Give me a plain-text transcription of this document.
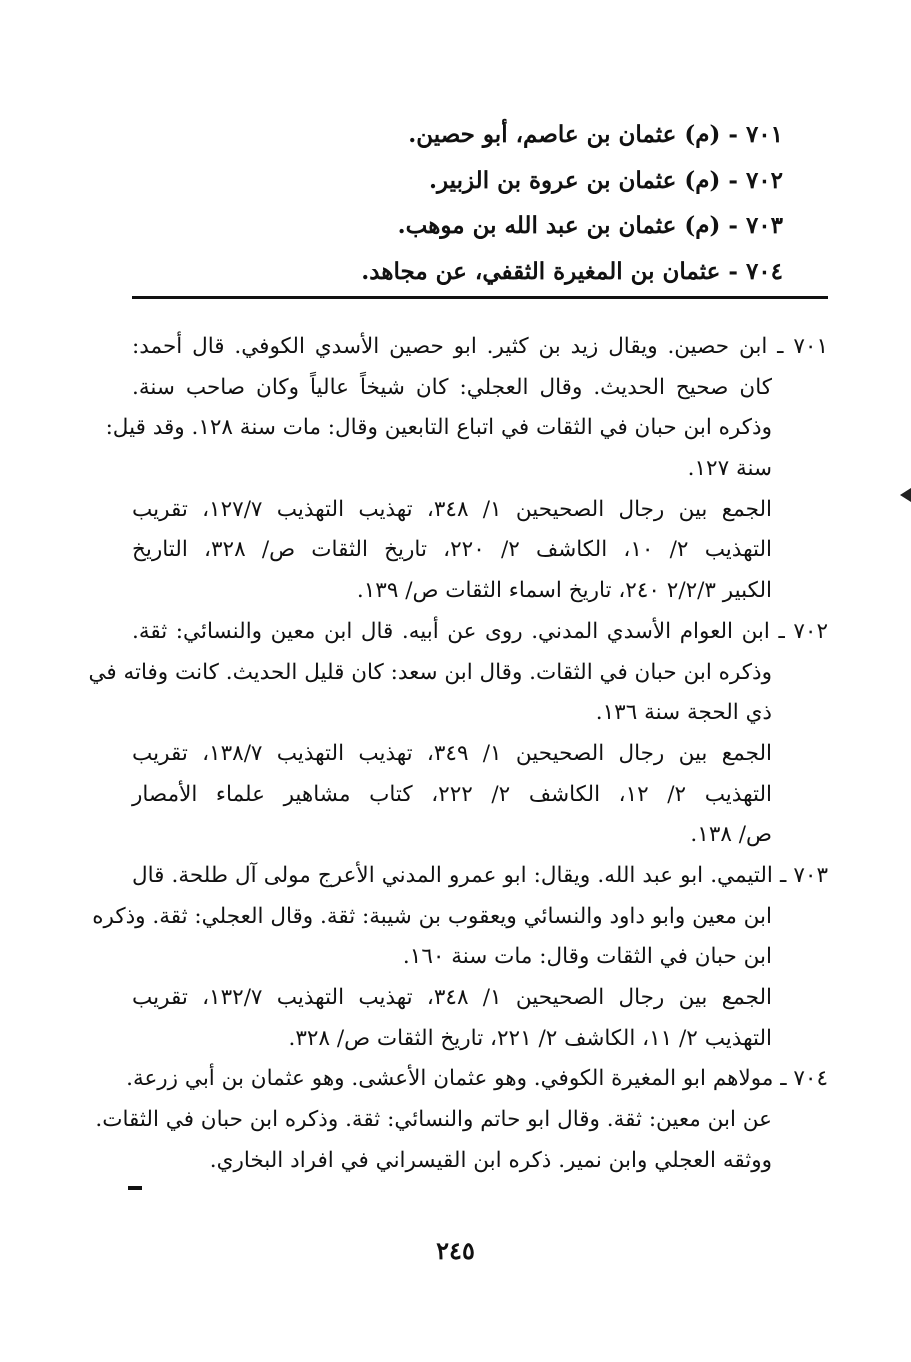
٧٠١ - (م) عثمان بن عاصم، أبو حصين.
٧٠٢ - (م) عثمان بن عروة بن الزبير.
٧٠٣ - (م) عثمان بن عبد الله بن موهب.
٧٠٤ - عثمان بن المغيرة الثقفي، عن مجاهد.
٧٠١ ـ ابن حصين. ويقال زيد بن كثير. ابو حصين الأسدي الكوفي. قال أحمد:
كان صحيح الحديث. وقال العجلي: كان شيخاً عالياً وكان صاحب سنة.
وذكره ابن حبان في الثقات في اتباع التابعين وقال: مات سنة ١٢٨. وقد قيل:
سنة ١٢٧.
الجمع بين رجال الصحيحين ١/ ٣٤٨، تهذيب التهذيب ١٢٧/٧، تقريب
التهذيب ٢/ ١٠، الكاشف ٢/ ٢٢٠، تاريخ الثقات ص/ ٣٢٨، التاريخ
الكبير ٢/٢/٣ ٢٤٠، تاريخ اسماء الثقات ص/ ١٣٩.
٧٠٢ ـ ابن العوام الأسدي المدني. روى عن أبيه. قال ابن معين والنسائي: ثقة.
وذكره ابن حبان في الثقات. وقال ابن سعد: كان قليل الحديث. كانت وفاته في
ذي الحجة سنة ١٣٦.
الجمع بين رجال الصحيحين ١/ ٣٤٩، تهذيب التهذيب ١٣٨/٧، تقريب
التهذيب ٢/ ١٢، الكاشف ٢/ ٢٢٢، كتاب مشاهير علماء الأمصار
ص/ ١٣٨.
٧٠٣ ـ التيمي. ابو عبد الله. ويقال: ابو عمرو المدني الأعرج مولى آل طلحة. قال
ابن معين وابو داود والنسائي ويعقوب بن شيبة: ثقة. وقال العجلي: ثقة. وذكره
ابن حبان في الثقات وقال: مات سنة ١٦٠.
الجمع بين رجال الصحيحين ١/ ٣٤٨، تهذيب التهذيب ١٣٢/٧، تقريب
التهذيب ٢/ ١١، الكاشف ٢/ ٢٢١، تاريخ الثقات ص/ ٣٢٨.
٧٠٤ ـ مولاهم ابو المغيرة الكوفي. وهو عثمان الأعشى. وهو عثمان بن أبي زرعة.
عن ابن معين: ثقة. وقال ابو حاتم والنسائي: ثقة. وذكره ابن حبان في الثقات.
ووثقه العجلي وابن نمير. ذكره ابن القيسراني في افراد البخاري.
٢٤٥
